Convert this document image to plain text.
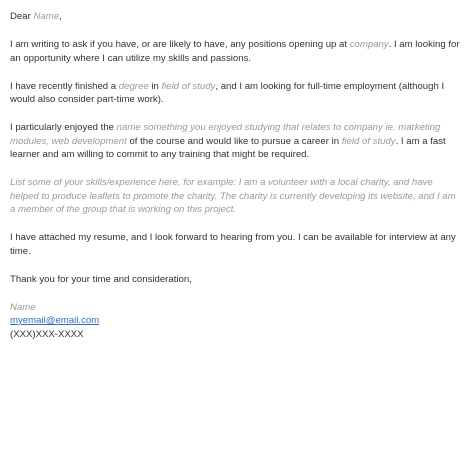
Dear Name,

I am writing to ask if you have, or are likely to have, any positions opening up at company. I am looking for an opportunity where I can utilize my skills and passions.

I have recently finished a degree in field of study, and I am looking for full-time employment (although I would also consider part-time work).

I particularly enjoyed the name something you enjoyed studying that relates to company ie. marketing modules, web development of the course and would like to pursue a career in field of study. I am a fast learner and am willing to commit to any training that might be required.

List some of your skills/experience here, for example: I am a volunteer with a local charity, and have helped to produce leaflets to promote the charity. The charity is currently developing its website, and I am a member of the group that is working on this project.

I have attached my resume, and I look forward to hearing from you. I can be available for interview at any time.

Thank you for your time and consideration,

Name
myemail@email.com
(XXX)XXX-XXXX
